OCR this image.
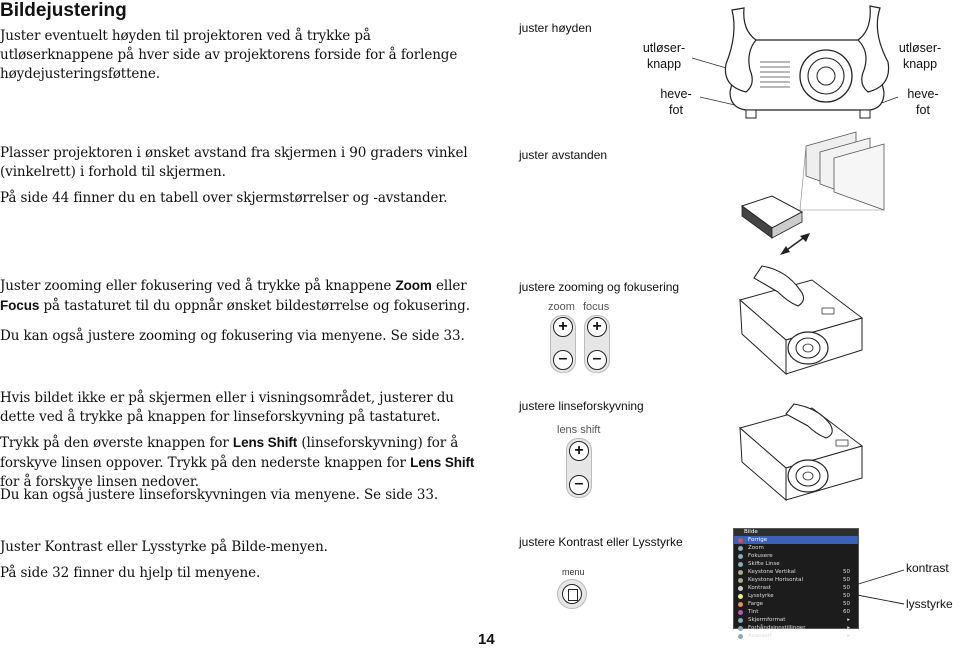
Bildejustering

Juster eventuelt høyden til projektoren ved å trykke på utløserknappene på hver side av projektorens forside for å forlenge høydejusteringsføttene.

juster høyden
utløser-
knapp
utløser-
knapp
heve-
fot
heve-
fot

Plasser projektoren i ønsket avstand fra skjermen i 90 graders vinkel (vinkelrett) i forhold til skjermen.

På side 44 finner du en tabell over skjermstørrelser og -avstander.

juster avstanden

Juster zooming eller fokusering ved å trykke på knappene Zoom eller Focus på tastaturet til du oppnår ønsket bildestørrelse og fokusering.

Du kan også justere zooming og fokusering via menyene. Se side 33.

justere zooming og fokusering
zoom focus
+
–
+
–

Hvis bildet ikke er på skjermen eller i visningsområdet, justerer du dette ved å trykke på knappen for linseforskyvning på tastaturet.

Trykk på den øverste knappen for Lens Shift (linseforskyvning) for å forskyve linsen oppover. Trykk på den nederste knappen for Lens Shift for å forskyve linsen nedover.

Du kan også justere linseforskyvningen via menyene. Se side 33.

justere linseforskyvning
lens shift
+
–

Juster Kontrast eller Lysstyrke på Bilde-menyen.

På side 32 finner du hjelp til menyene.

justere Kontrast eller Lysstyrke
menu
Bilde
Forrige
Zoom
Fokusere
Skifte Linse
Keystone Vertikal	50
Keystone Horisontal	50
Kontrast	50
Lysstyrke	50
Farge	50
Tint	60
Skjermformat	▸
Forhåndsinnstillinger	▸
Avansert	▸
kontrast
lysstyrke
14
